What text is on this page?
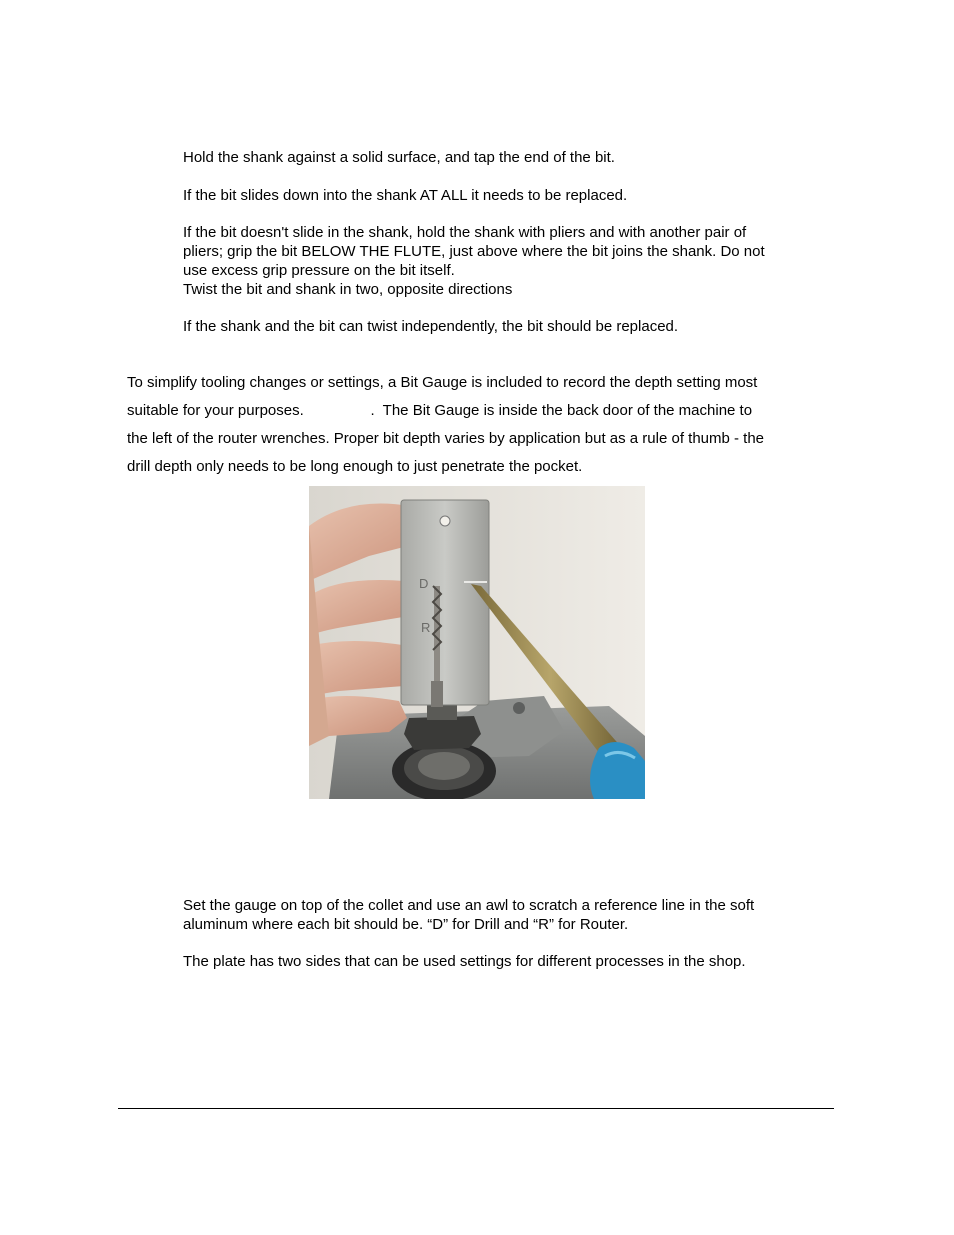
Hold the shank against a solid surface, and tap the end of the bit.

If the bit slides down into the shank AT ALL it needs to be replaced.

If the bit doesn't slide in the shank, hold the shank with pliers and with another pair of
pliers; grip the bit BELOW THE FLUTE, just above where the bit joins the shank. Do not
use excess grip pressure on the bit itself.
Twist the bit and shank in two, opposite directions

If the shank and the bit can twist independently, the bit should be replaced.

To simplify tooling changes or settings, a Bit Gauge is included to record the depth setting most
suitable for your purposes.                .  The Bit Gauge is inside the back door of the machine to
the left of the router wrenches. Proper bit depth varies by application but as a rule of thumb - the
drill depth only needs to be long enough to just penetrate the pocket.

D
R

Set the gauge on top of the collet and use an awl to scratch a reference line in the soft
aluminum where each bit should be. “D” for Drill and “R” for Router.

The plate has two sides that can be used settings for different processes in the shop.
